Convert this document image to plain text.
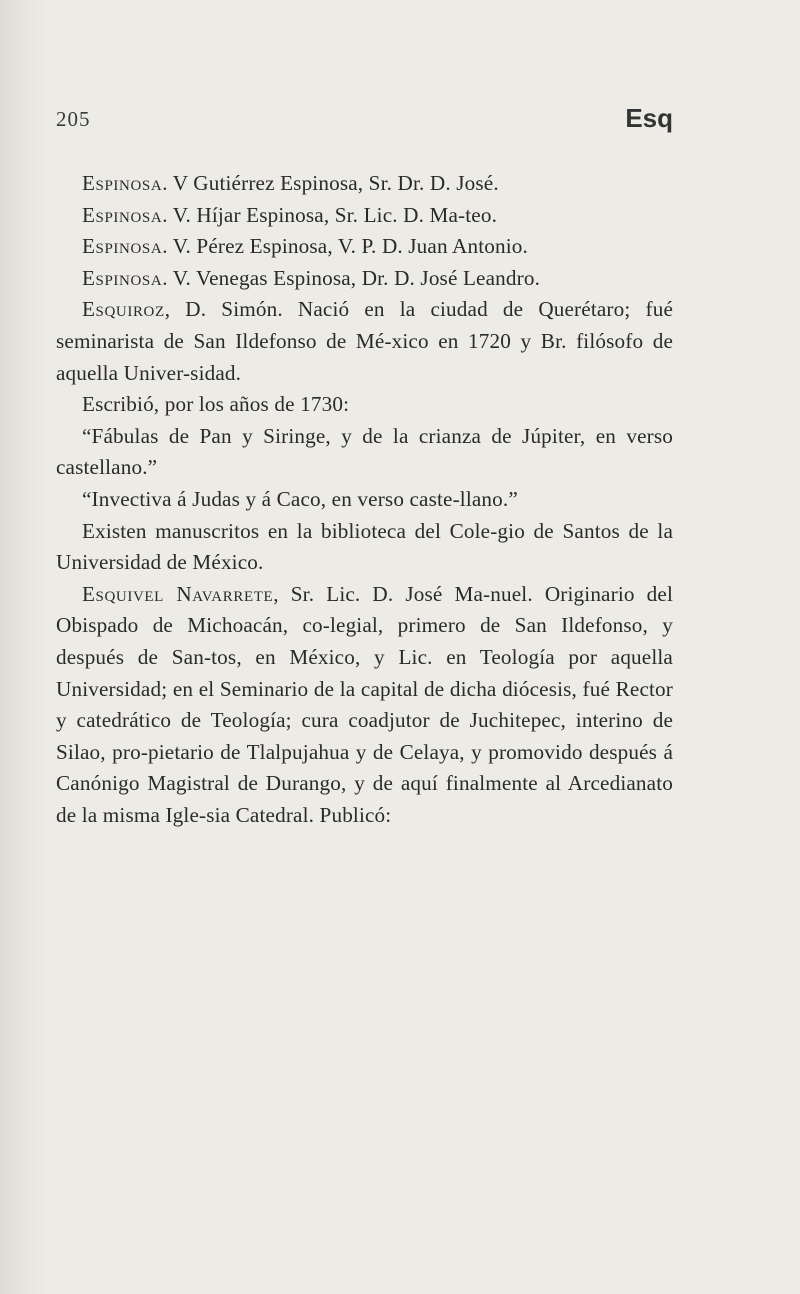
205	Esq

Espinosa. V Gutiérrez Espinosa, Sr. Dr. D. José.

Espinosa. V. Híjar Espinosa, Sr. Lic. D. Ma-teo.

Espinosa. V. Pérez Espinosa, V. P. D. Juan Antonio.

Espinosa. V. Venegas Espinosa, Dr. D. José Leandro.

Esquiroz, D. Simón. Nació en la ciudad de Querétaro; fué seminarista de San Ildefonso de Mé-xico en 1720 y Br. filósofo de aquella Univer-sidad.

Escribió, por los años de 1730:

“Fábulas de Pan y Siringe, y de la crianza de Júpiter, en verso castellano.”

“Invectiva á Judas y á Caco, en verso caste-llano.”

Existen manuscritos en la biblioteca del Cole-gio de Santos de la Universidad de México.

Esquivel Navarrete, Sr. Lic. D. José Ma-nuel. Originario del Obispado de Michoacán, co-legial, primero de San Ildefonso, y después de San-tos, en México, y Lic. en Teología por aquella Universidad; en el Seminario de la capital de dicha diócesis, fué Rector y catedrático de Teología; cura coadjutor de Juchitepec, interino de Silao, pro-pietario de Tlalpujahua y de Celaya, y promovido después á Canónigo Magistral de Durango, y de aquí finalmente al Arcedianato de la misma Igle-sia Catedral. Publicó:
